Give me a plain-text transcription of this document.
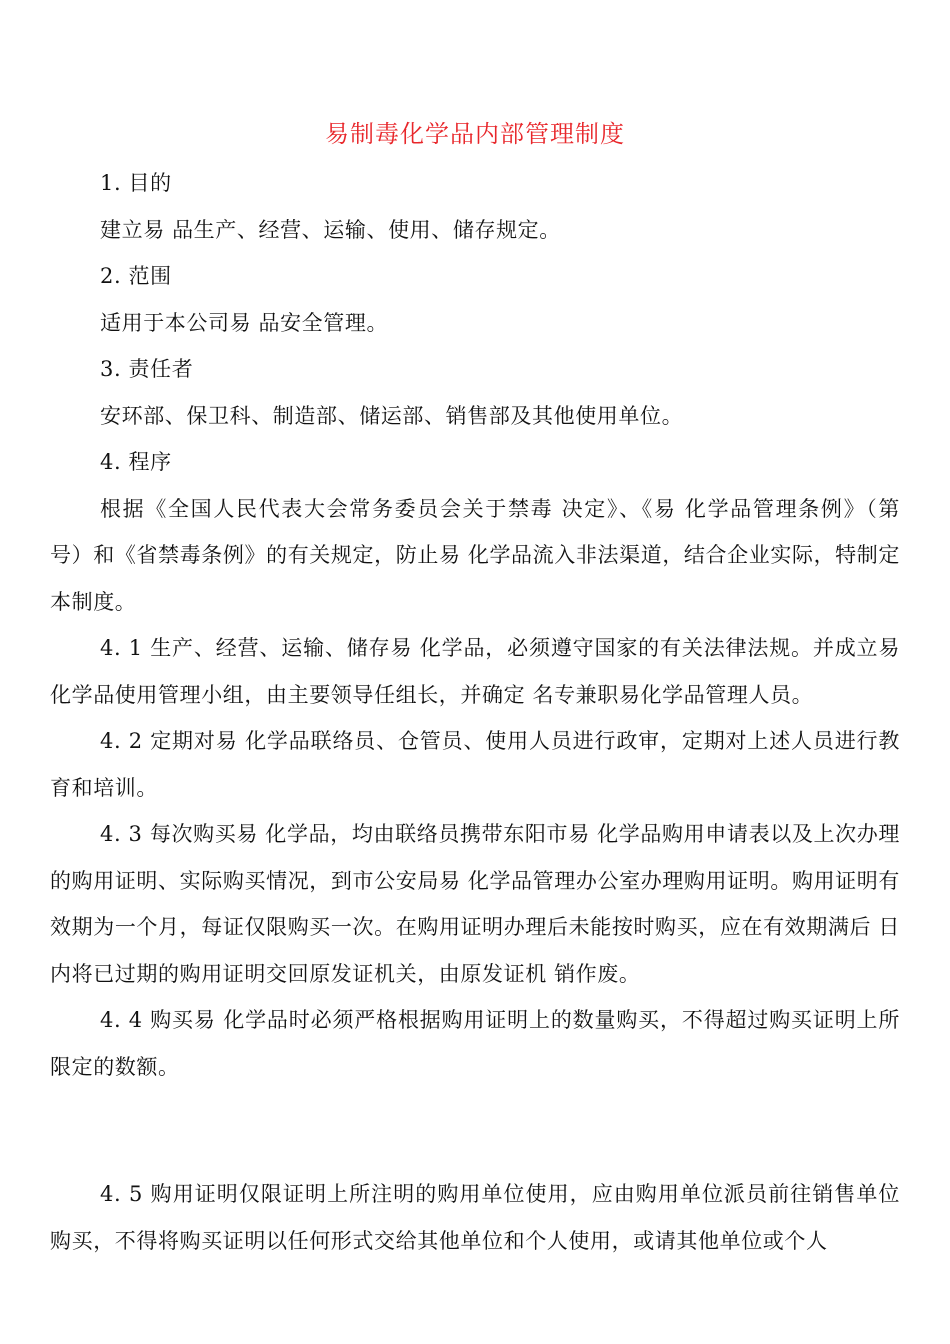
易制毒化学品内部管理制度

1. 目的

建立易 品生产、经营、运输、使用、储存规定。

2. 范围

适用于本公司易 品安全管理。

3. 责任者

安环部、保卫科、制造部、储运部、销售部及其他使用单位。

4. 程序

根据《全国人民代表大会常务委员会关于禁毒 决定》、《易 化学品管理条例》（第 号）和《省禁毒条例》的有关规定，防止易 化学品流入非法渠道，结合企业实际，特制定本制度。

4. 1 生产、经营、运输、储存易 化学品，必须遵守国家的有关法律法规。并成立易 化学品使用管理小组，由主要领导任组长，并确定 名专兼职易化学品管理人员。

4. 2 定期对易 化学品联络员、仓管员、使用人员进行政审，定期对上述人员进行教育和培训。

4. 3 每次购买易 化学品，均由联络员携带东阳市易 化学品购用申请表以及上次办理的购用证明、实际购买情况，到市公安局易 化学品管理办公室办理购用证明。购用证明有效期为一个月，每证仅限购买一次。在购用证明办理后未能按时购买，应在有效期满后 日内将已过期的购用证明交回原发证机关，由原发证机 销作废。

4. 4 购买易 化学品时必须严格根据购用证明上的数量购买，不得超过购买证明上所限定的数额。

4. 5 购用证明仅限证明上所注明的购用单位使用，应由购用单位派员前往销售单位购买，不得将购买证明以任何形式交给其他单位和个人使用，或请其他单位或个人
